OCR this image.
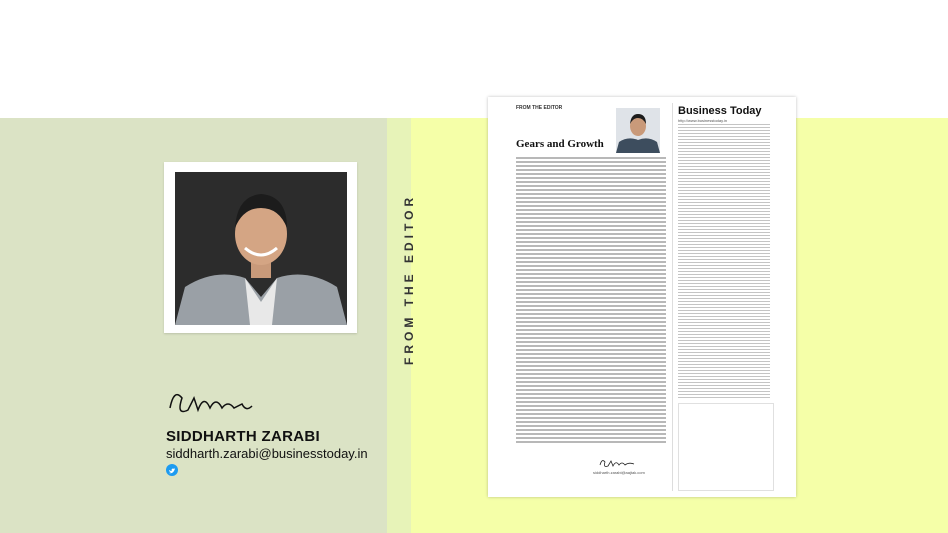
SIDDHARTH ZARABI
siddharth.zarabi@businesstoday.in
FROM THE EDITOR
FROM THE EDITOR
Gears and Growth
siddharth.zarabi@aajtak.com
Business Today
http://www.businesstoday.in
